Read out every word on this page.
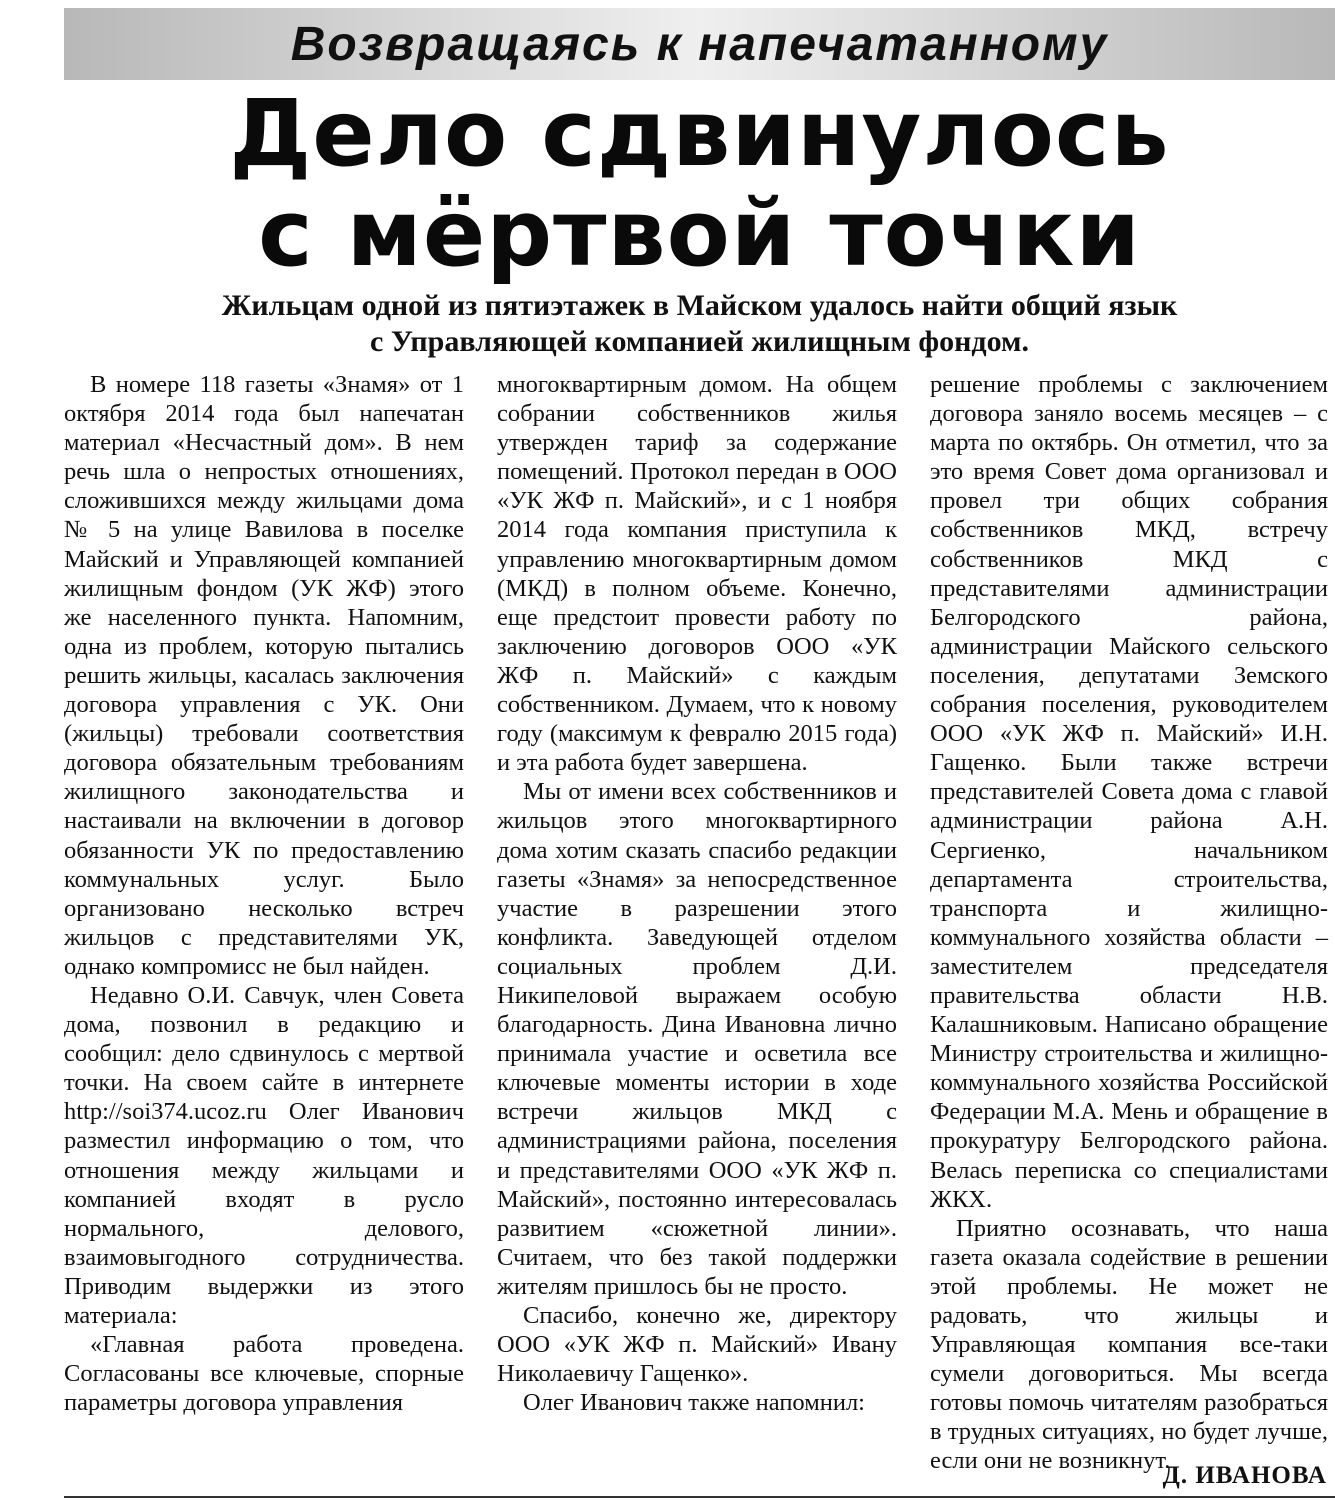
Возвращаясь к напечатанному
Дело сдвинулось
с мёртвой точки
Жильцам одной из пятиэтажек в Майском удалось найти общий язык
с Управляющей компанией жилищным фондом.

В номере 118 газеты «Знамя» от 1 октября 2014 года был напечатан материал «Несчастный дом». В нем речь шла о непростых отношениях, сложившихся между жильцами дома № 5 на улице Вавилова в поселке Майский и Управляющей компанией жилищным фондом (УК ЖФ) этого же населенного пункта. Напомним, одна из проблем, которую пытались решить жильцы, касалась заключения договора управления с УК. Они (жильцы) требовали соответствия договора обязательным требованиям жилищного законодательства и настаивали на включении в договор обязанности УК по предоставлению коммунальных услуг. Было организовано несколько встреч жильцов с представителями УК, однако компромисс не был найден.

Недавно О.И. Савчук, член Совета дома, позвонил в редакцию и сообщил: дело сдвинулось с мертвой точки. На своем сайте в интернете http://soi374.ucoz.ru Олег Иванович разместил информацию о том, что отношения между жильцами и компанией входят в русло нормального, делового, взаимовыгодного сотрудничества. Приводим выдержки из этого материала:

«Главная работа проведена. Согласованы все ключевые, спорные параметры договора управления

многоквартирным домом. На общем собрании собственников жилья утвержден тариф за содержание помещений. Протокол передан в ООО «УК ЖФ п. Майский», и с 1 ноября 2014 года компания приступила к управлению многоквартирным домом (МКД) в полном объеме. Конечно, еще предстоит провести работу по заключению договоров ООО «УК ЖФ п. Майский» с каждым собственником. Думаем, что к новому году (максимум к февралю 2015 года) и эта работа будет завершена.

Мы от имени всех собственников и жильцов этого многоквартирного дома хотим сказать спасибо редакции газеты «Знамя» за непосредственное участие в разрешении этого конфликта. Заведующей отделом социальных проблем Д.И. Никипеловой выражаем особую благодарность. Дина Ивановна лично принимала участие и осветила все ключевые моменты истории в ходе встречи жильцов МКД с администрациями района, поселения и представителями ООО «УК ЖФ п. Майский», постоянно интересовалась развитием «сюжетной линии». Считаем, что без такой поддержки жителям пришлось бы не просто.

Спасибо, конечно же, директору ООО «УК ЖФ п. Майский» Ивану Николаевичу Гащенко».

Олег Иванович также напомнил:

решение проблемы с заключением договора заняло восемь месяцев – с марта по октябрь. Он отметил, что за это время Совет дома организовал и провел три общих собрания собственников МКД, встречу собственников МКД с представителями администрации Белгородского района, администрации Майского сельского поселения, депутатами Земского собрания поселения, руководителем ООО «УК ЖФ п. Майский» И.Н. Гащенко. Были также встречи представителей Совета дома с главой администрации района А.Н. Сергиенко, начальником департамента строительства, транспорта и жилищно-коммунального хозяйства области – заместителем председателя правительства области Н.В. Калашниковым. Написано обращение Министру строительства и жилищно-коммунального хозяйства Российской Федерации М.А. Мень и обращение в прокуратуру Белгородского района. Велась переписка со специалистами ЖКХ.

Приятно осознавать, что наша газета оказала содействие в решении этой проблемы. Не может не радовать, что жильцы и Управляющая компания все-таки сумели договориться. Мы всегда готовы помочь читателям разобраться в трудных ситуациях, но будет лучше, если они не возникнут.

Д. ИВАНОВА
